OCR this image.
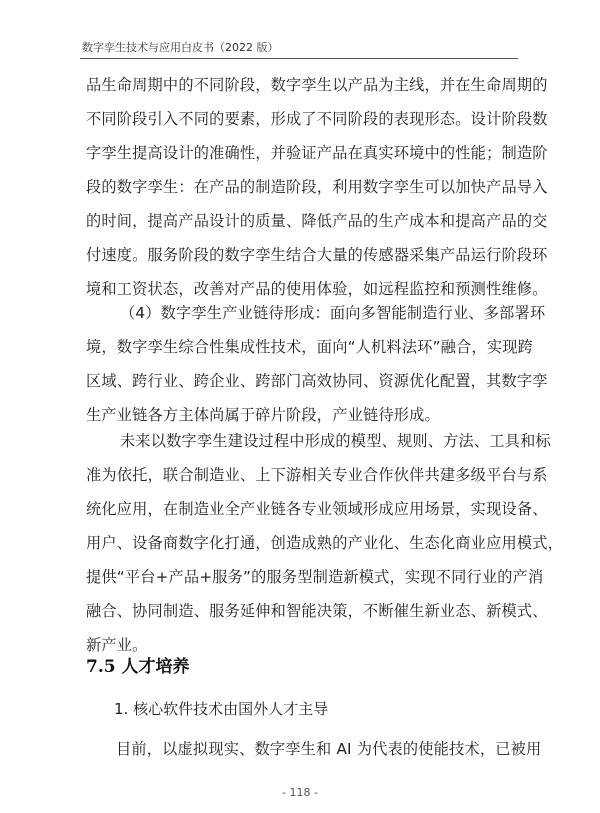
数字孪生技术与应用白皮书（2022 版）
品生命周期中的不同阶段，数字孪生以产品为主线，并在生命周期的
不同阶段引入不同的要素，形成了不同阶段的表现形态。设计阶段数
字孪生提高设计的准确性，并验证产品在真实环境中的性能；制造阶
段的数字孪生：在产品的制造阶段，利用数字孪生可以加快产品导入
的时间，提高产品设计的质量、降低产品的生产成本和提高产品的交
付速度。服务阶段的数字孪生结合大量的传感器采集产品运行阶段环
境和工资状态，改善对产品的使用体验，如远程监控和预测性维修。
（4）数字孪生产业链待形成：面向多智能制造行业、多部署环
境，数字孪生综合性集成性技术，面向“人机料法环”融合，实现跨
区域、跨行业、跨企业、跨部门高效协同、资源优化配置，其数字孪
生产业链各方主体尚属于碎片阶段，产业链待形成。
未来以数字孪生建设过程中形成的模型、规则、方法、工具和标
准为依托，联合制造业、上下游相关专业合作伙伴共建多级平台与系
统化应用，在制造业全产业链各专业领域形成应用场景，实现设备、
用户、设备商数字化打通，创造成熟的产业化、生态化商业应用模式，
提供“平台+产品+服务”的服务型制造新模式，实现不同行业的产消
融合、协同制造、服务延伸和智能决策，不断催生新业态、新模式、
新产业。
7.5 人才培养
1. 核心软件技术由国外人才主导
目前，以虚拟现实、数字孪生和 AI 为代表的使能技术，已被用
- 118 -
